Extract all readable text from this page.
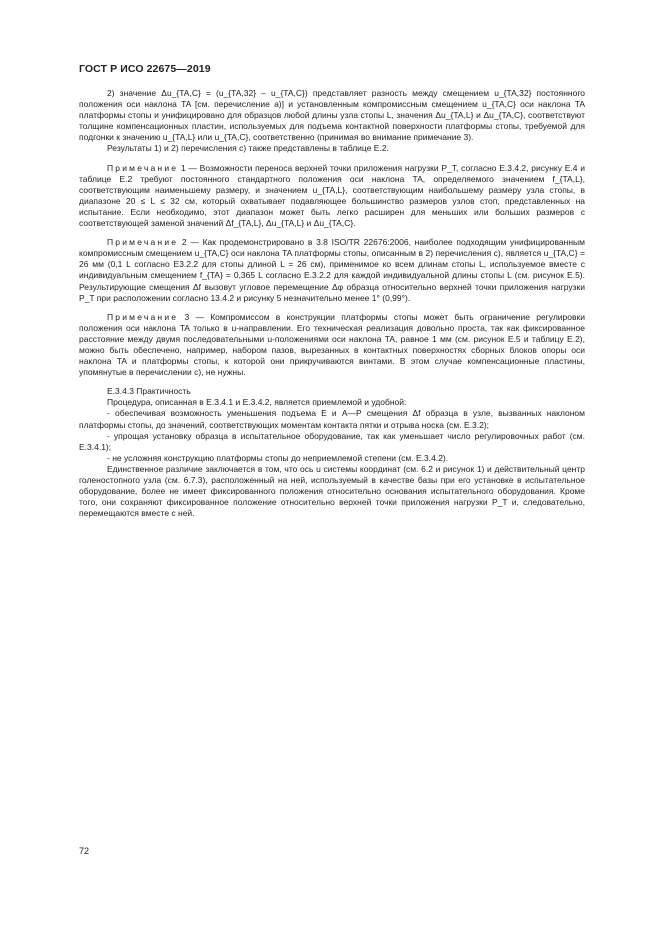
ГОСТ Р ИСО 22675—2019

2) значение Δu_{TA,C} = (u_{TA,32} – u_{TA,C}) представляет разность между смещением u_{TA,32} постоянного положения оси наклона TA [см. перечисление а)] и установленным компромиссным смещением u_{TA,C} оси наклона TA платформы стопы и унифицировано для образцов любой длины узла стопы L, значения Δu_{TA,L} и Δu_{TA,C}, соответствуют толщине компенсационных пластин, используемых для подъема контактной поверхности платформы стопы, требуемой для подгонки к значению u_{TA,L} или u_{TA,C}, соответственно (принимая во внимание примечание 3).

Результаты 1) и 2) перечисления с) также представлены в таблице Е.2.

Примечание 1 — Возможности переноса верхней точки приложения нагрузки P_T, согласно Е.3.4.2, рисунку Е.4 и таблице Е.2 требуют постоянного стандартного положения оси наклона TA, определяемого значением f_{TA,L}, соответствующим наименьшему размеру, и значением u_{TA,L}, соответствующим наибольшему размеру узла стопы, в диапазоне 20 ≤ L ≤ 32 см, который охватывает подавляющее большинство размеров узлов стоп, представленных на испытание. Если необходимо, этот диапазон может быть легко расширен для меньших или больших размеров с соответствующей заменой значений Δf_{TA,L}, Δu_{TA,L} и Δu_{TA,C}.

Примечание 2 — Как продемонстрировано в 3.8 ISO/TR 22676:2006, наиболее подходящим унифицированным компромиссным смещением u_{TA,C} оси наклона TA платформы стопы, описанным в 2) перечисления с), является u_{TA,C} = 26 мм (0,1 L согласно Е3.2.2 для стопы длиной L = 26 см), применимое ко всем длинам стопы L, используемое вместе с индивидуальным смещением f_{TA} = 0,365 L согласно Е.3.2.2 для каждой индивидуальной длины стопы L (см. рисунок Е.5). Результирующие смещения Δf вызовут угловое перемещение Δφ образца относительно верхней точки приложения нагрузки P_T при расположении согласно 13.4.2 и рисунку 5 незначительно менее 1° (0,99°).

Примечание 3 — Компромиссом в конструкции платформы стопы может быть ограничение регулировки положения оси наклона TA только в u-направлении. Его техническая реализация довольно проста, так как фиксированное расстояние между двумя последовательными u-положениями оси наклона TA, равное 1 мм (см. рисунок Е.5 и таблицу Е.2), можно быть обеспечено, например, набором пазов, вырезанных в контактных поверхностях сборных блоков опоры оси наклона TA и платформы стопы, к которой они прикручиваются винтами. В этом случае компенсационные пластины, упомянутые в перечислении с), не нужны.

Е.3.4.3 Практичность

Процедура, описанная в Е.3.4.1 и Е.3.4.2, является приемлемой и удобной:

- обеспечивая возможность уменьшения подъема Е и А—Р смещения Δf образца в узле, вызванных наклоном платформы стопы, до значений, соответствующих моментам контакта пятки и отрыва носка (см. Е.3.2);

- упрощая установку образца в испытательное оборудование, так как уменьшает число регулировочных работ (см. Е.3.4.1);

- не усложняя конструкцию платформы стопы до неприемлемой степени (см. Е.3.4.2).

Единственное различие заключается в том, что ось u системы координат (см. 6.2 и рисунок 1) и действительный центр голеностопного узла (см. 6.7.3), расположенный на ней, используемый в качестве базы при его установке в испытательное оборудование, более не имеет фиксированного положения относительно основания испытательного оборудования. Кроме того, они сохраняют фиксированное положение относительно верхней точки приложения нагрузки P_T и, следовательно, перемещаются вместе с ней.

72
